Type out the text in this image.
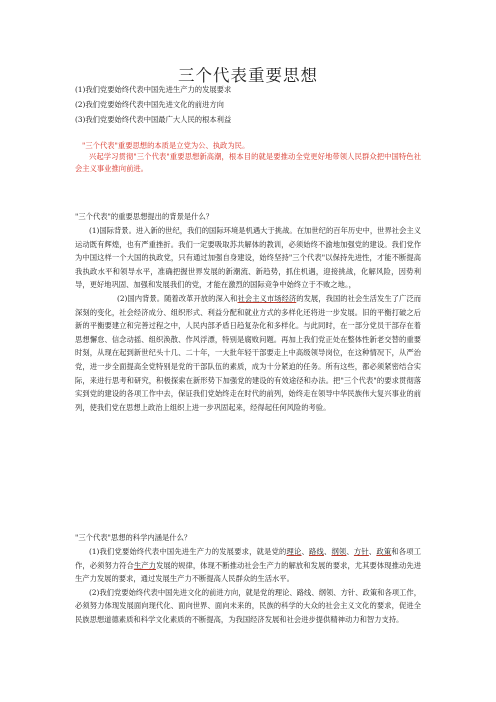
三个代表重要思想
(1)我们党要始终代表中国先进生产力的发展要求
(2)我们党要始终代表中国先进文化的前进方向
(3)我们党要始终代表中国最广大人民的根本利益
"三个代表"重要思想的本质是立党为公、执政为民。

兴起学习贯彻"三个代表"重要思想新高潮，根本目的就是要推动全党更好地带领人民群众把中国特色社会主义事业推向前进。

"三个代表"的重要思想提出的背景是什么？

(1)国际背景。进入新的世纪，我们的国际环境是机遇大于挑战。在加世纪的百年历史中，世界社会主义运动既有辉煌，也有严重挫折。我们一定要吸取苏共解体的教训，必须始终不渝地加强党的建设。我们党作为中国这样一个大国的执政党，只有通过加强自身建设，始终坚持"三个代表"以保持先进性，才能不断提高我执政水平和领导水平，准确把握世界发展的新潮流、新趋势，抓住机遇，迎接挑战，化解风险，因势利导，更好地巩固、加强和发展我们的党，才能在激烈的国际竞争中始终立于不败之地。，

(2)国内背景。随着改革开放的深入和社会主义市场经济的发展，我国的社会生活发生了广泛而深刻的变化，社会经济成分、组织形式、利益分配和就业方式的多样化还将进一步发展。旧的平衡打破之后新的平衡要建立和完善过程之中，人民内部矛盾日趋复杂化和多样化。与此同时，在一部分党员干部存在着思想懈怠、信念动摇、组织涣散、作风浮漂，特别是腐败问题。再加上我们党正处在整体性新老交替的重要时刻，从现在起到新世纪头十几、二十年，一大批年轻干部要走上中高级领导岗位，在这种情况下，从严治党，进一步全面提高全党特别是党的干部队伍的素质，成为十分紧迫的任务。所有这些，都必须紧密结合实际，来进行思考和研究，积极探索在新形势下加强党的建设的有效途径和办法。把"三个代表"的要求贯彻落实到党的建设的各项工作中去，保证我们党始终走在时代的前列，始终走在领导中华民族伟大复兴事业的前列，使我们党在思想上政治上组织上进一步巩固起来，经得起任何风险的考验。

"三个代表"思想的科学内涵是什么？

(1)我们党要始终代表中国先进生产力的发展要求，就是党的理论、路线、纲领、方针、政策和各项工作，必须努力符合生产力发展的规律，体现不断推动社会生产力的解放和发展的要求，尤其要体现推动先进生产力发展的要求，通过发展生产力不断提高人民群众的生活水平。

(2)我们党要始终代表中国先进文化的前进方向，就是党的理论、路线、纲领、方针、政策和各项工作，必须努力体现发展面向现代化、面向世界、面向未来的，民族的科学的大众的社会主义文化的要求，促进全民族思想道德素质和科学文化素质的不断提高，为我国经济发展和社会进步提供精神动力和智力支持。
